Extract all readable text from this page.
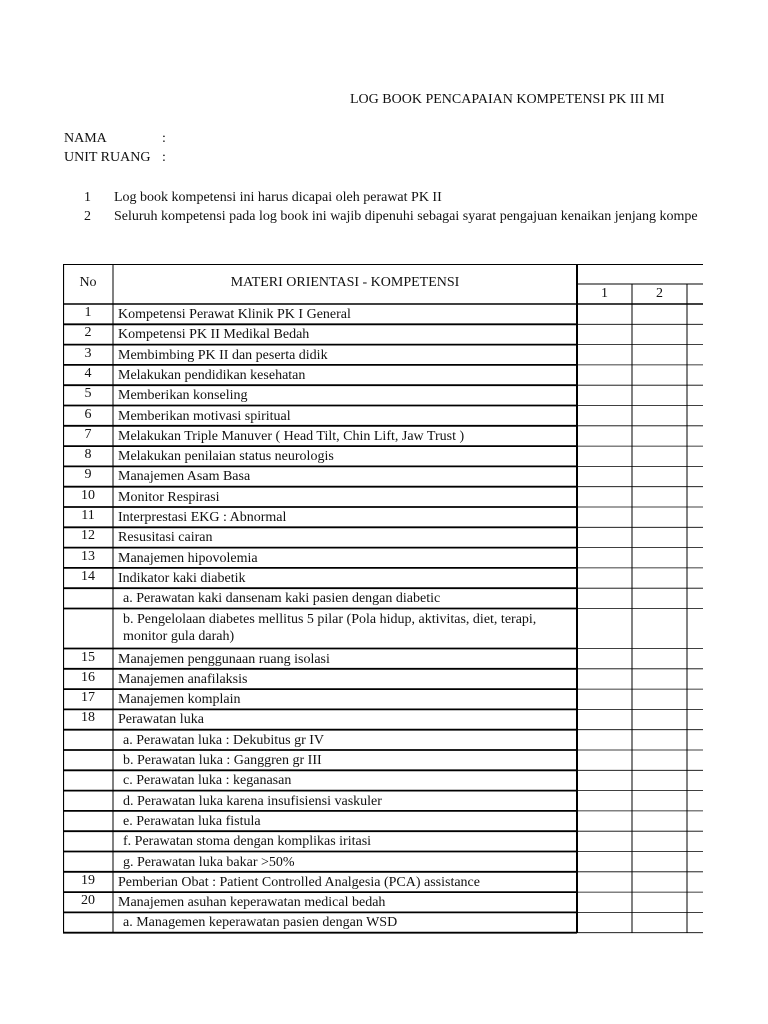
LOG BOOK PENCAPAIAN KOMPETENSI PK III MI
NAMA	:
UNIT RUANG :
1 Log book kompetensi ini harus dicapai oleh perawat PK II
2 Seluruh kompetensi pada log book ini wajib dipenuhi sebagai syarat pengajuan kenaikan jenjang kompe
No	MATERI ORIENTASI - KOMPETENSI
1	2
1	Kompetensi Perawat Klinik PK I General
2	Kompetensi PK II Medikal Bedah
3	Membimbing PK II dan peserta didik
4	Melakukan pendidikan kesehatan
5	Memberikan konseling
6	Memberikan motivasi spiritual
7	Melakukan Triple Manuver ( Head Tilt, Chin Lift, Jaw Trust )
8	Melakukan penilaian status neurologis
9	Manajemen Asam Basa
10	Monitor Respirasi
11	Interprestasi EKG : Abnormal
12	Resusitasi cairan
13	Manajemen hipovolemia
14	Indikator kaki diabetik
a. Perawatan kaki dansenam kaki pasien dengan diabetic
b. Pengelolaan diabetes mellitus 5 pilar (Pola hidup, aktivitas, diet, terapi,
monitor gula darah)
15	Manajemen penggunaan ruang isolasi
16	Manajemen anafilaksis
17	Manajemen komplain
18	Perawatan luka
a. Perawatan luka : Dekubitus gr IV
b. Perawatan luka : Ganggren gr III
c. Perawatan luka : keganasan
d. Perawatan luka karena insufisiensi vaskuler
e. Perawatan luka fistula
f. Perawatan stoma dengan komplikas iritasi
g. Perawatan luka bakar >50%
19	Pemberian Obat : Patient Controlled Analgesia (PCA) assistance
20	Manajemen asuhan keperawatan medical bedah
a. Managemen keperawatan pasien dengan WSD
